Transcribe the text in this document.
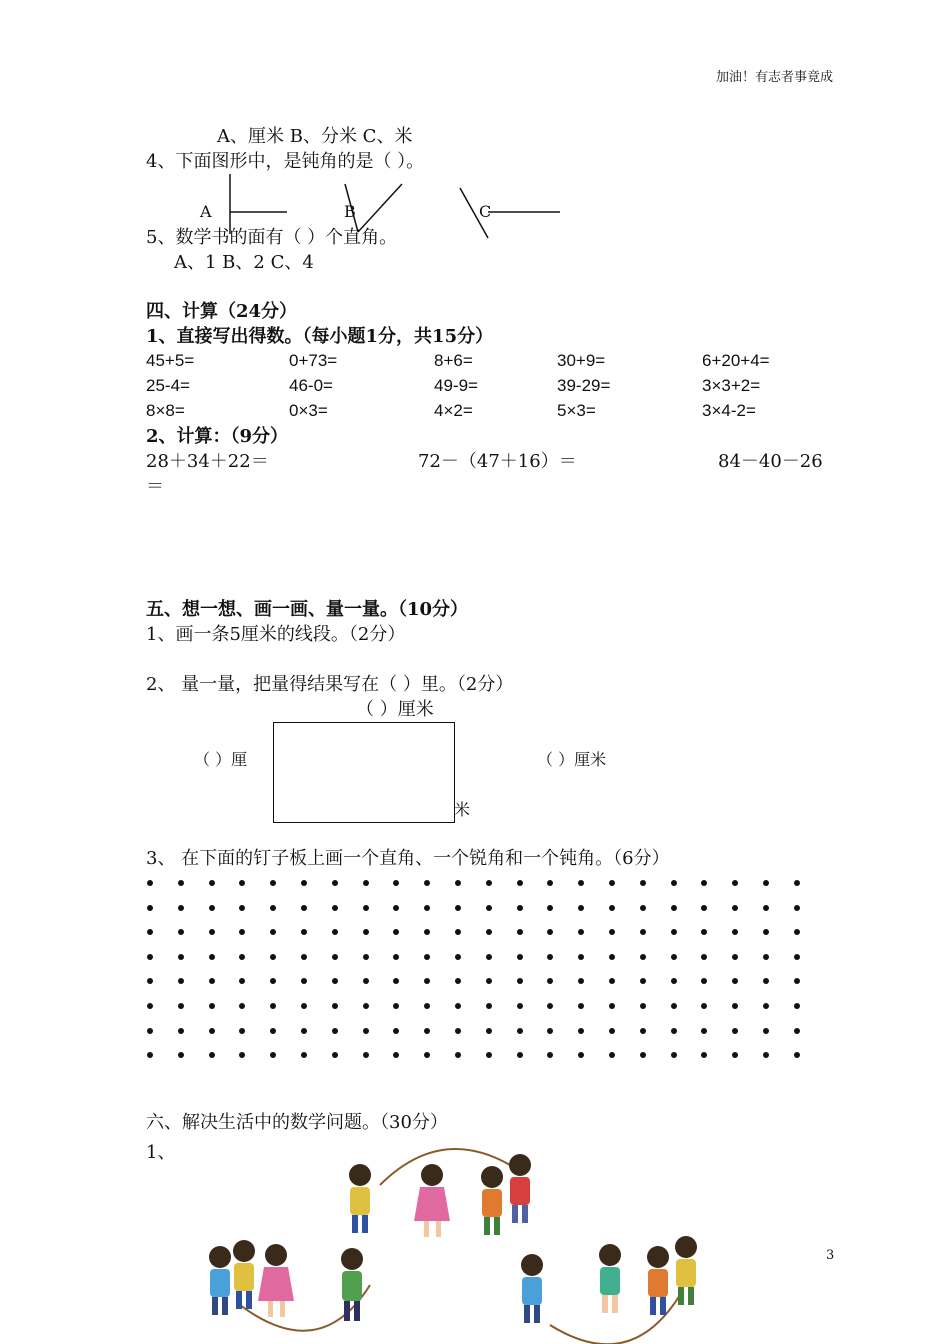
加油！有志者事竟成
A、厘米 B、分米 C、米
4、下面图形中，是钝角的是（ ）。
A	B	C
5、数学书的面有（ ）个直角。
A、1 B、2 C、4
四、计算（24分）
1、直接写出得数。（每小题1分，共15分）
45+5=	0+73=	8+6=	30+9=	6+20+4=
25-4=	46-0=	49-9=	39-29=	3×3+2=
8×8=	0×3=	4×2=	5×3=	3×4-2=
2、计算：（9分）
28＋34＋22＝	72－（47＋16）＝	84－40－26
＝
五、想一想、画一画、量一量。（10分）
1、画一条5厘米的线段。（2分）
2、 量一量，把量得结果写在（ ）里。（2分）
（ ）厘米
（ ）厘	（ ）厘米
米
3、 在下面的钉子板上画一个直角、一个锐角和一个钝角。（6分）
六、解决生活中的数学问题。（30分）
1、
3
